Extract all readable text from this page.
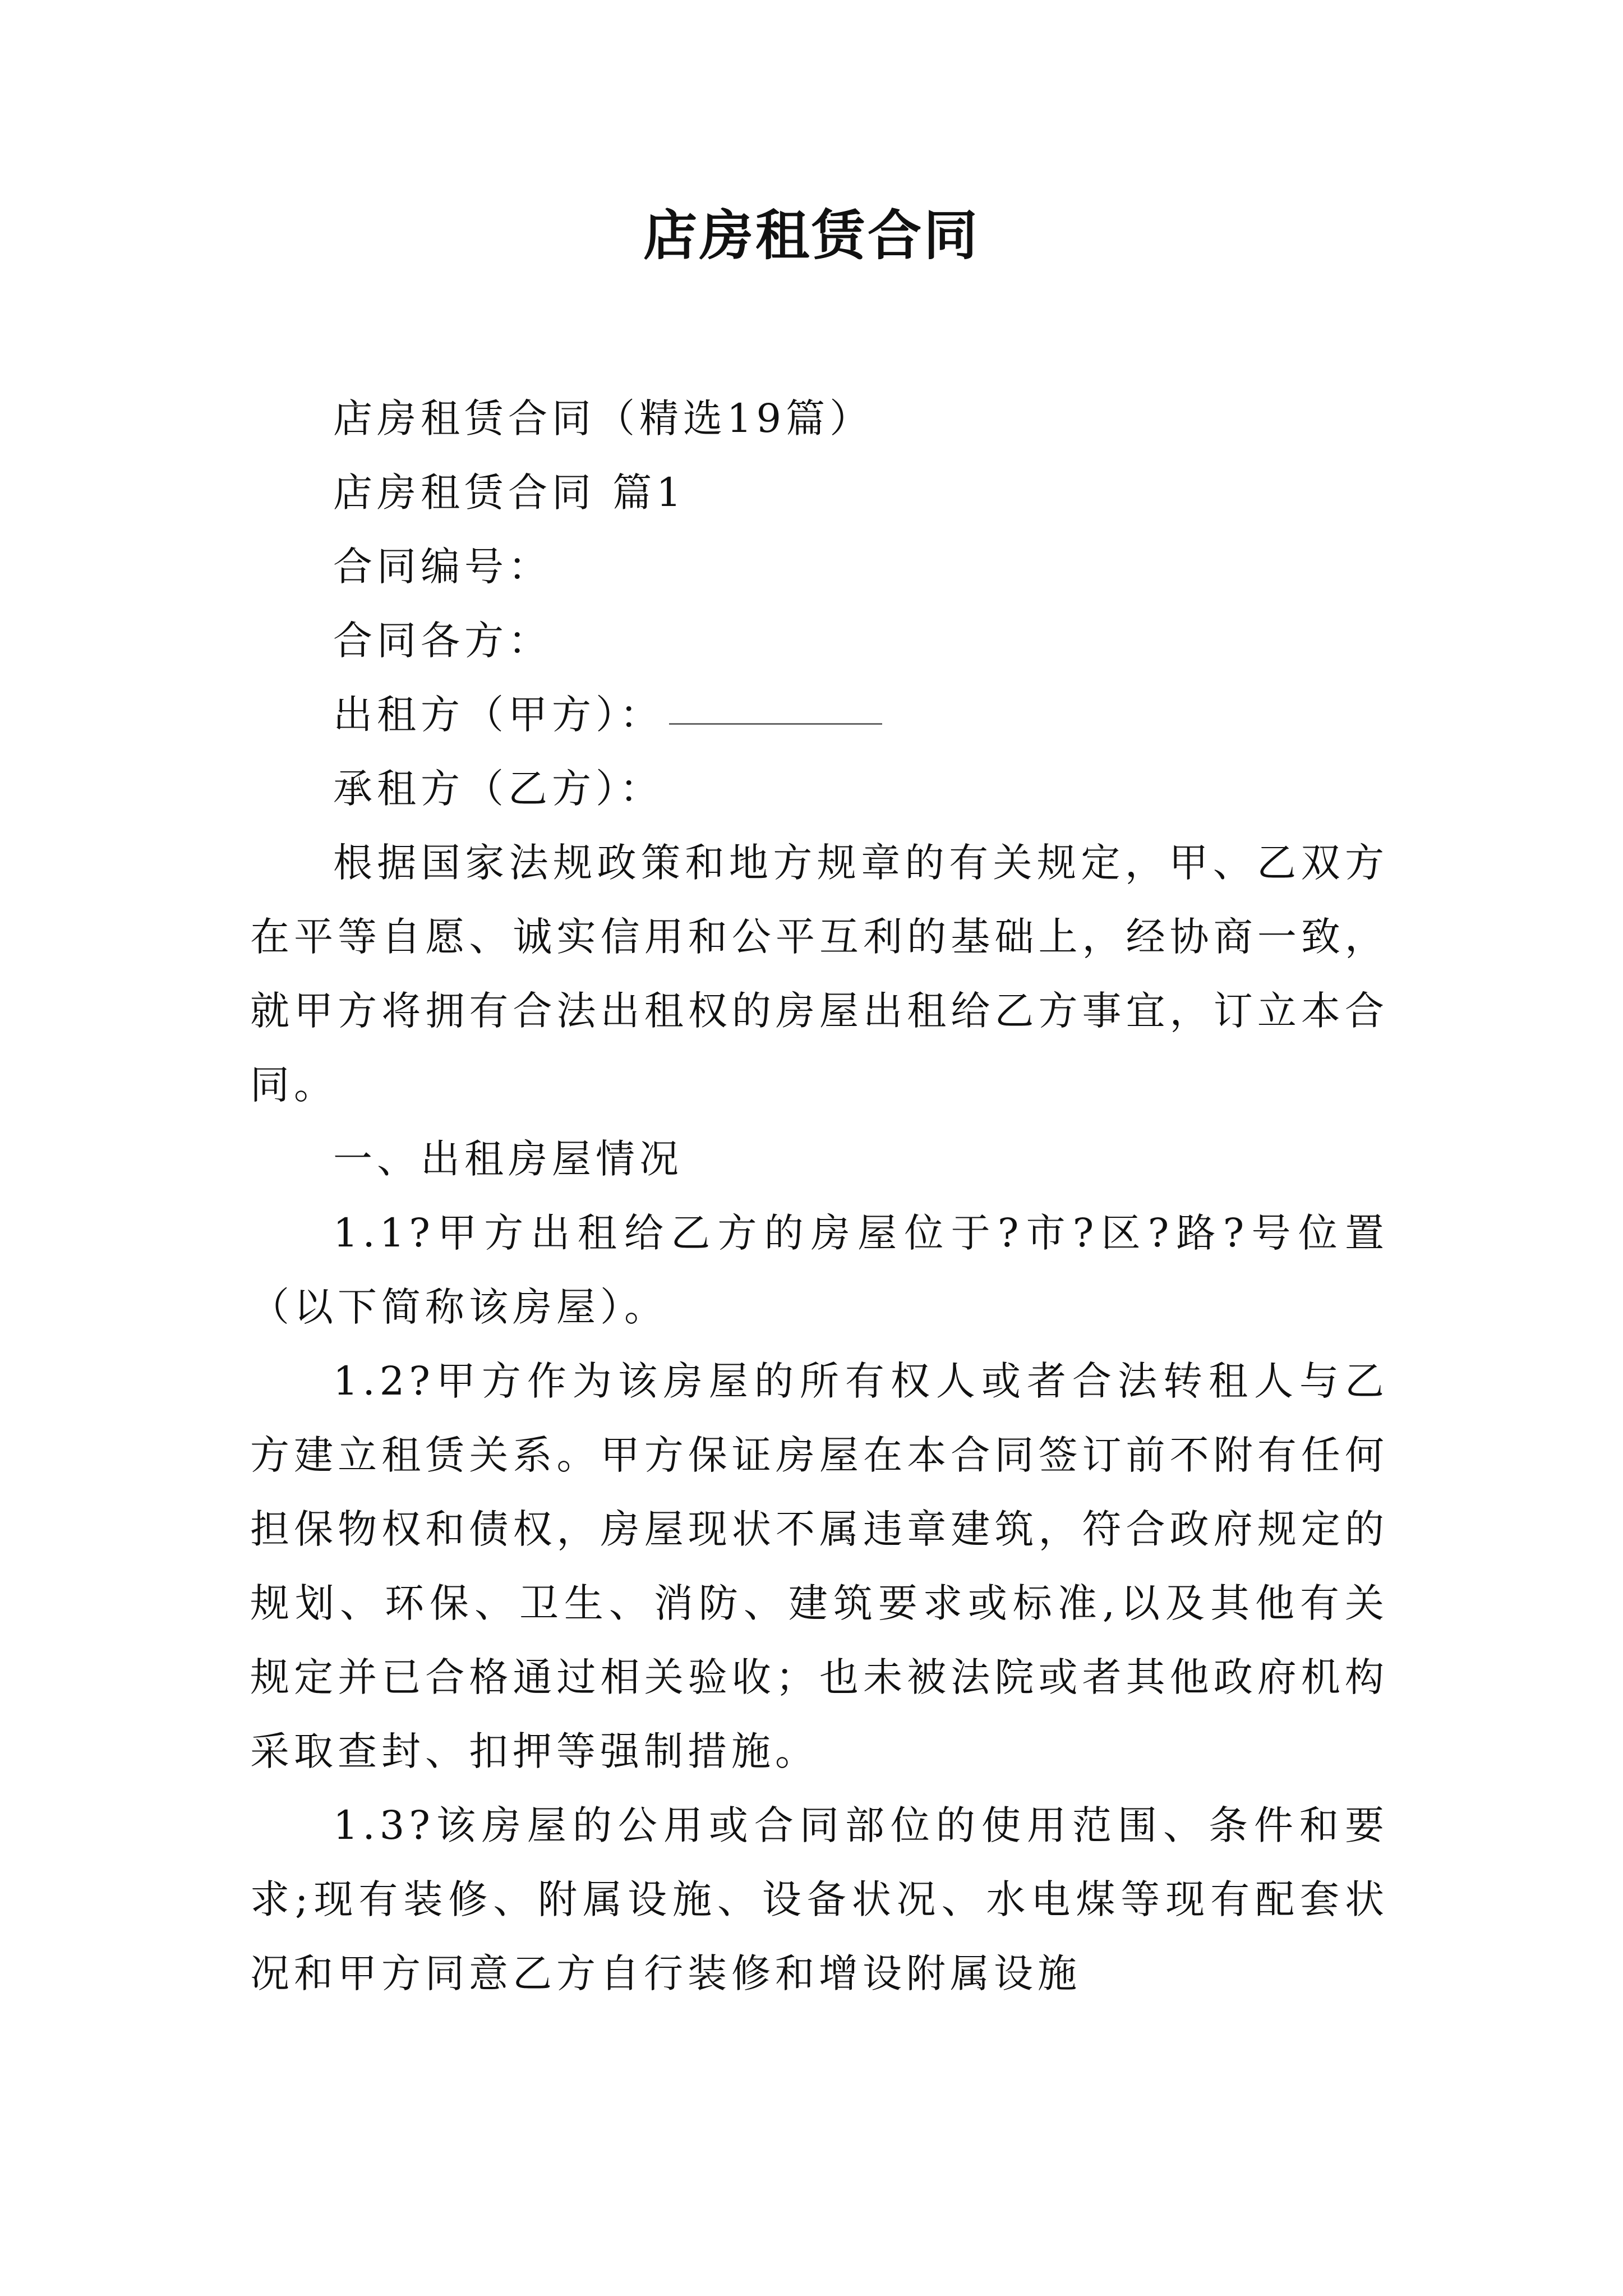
店房租赁合同

店房租赁合同（精选19篇）

店房租赁合同 篇1

合同编号：

合同各方：

出租方（甲方）：

承租方（乙方）：

根据国家法规政策和地方规章的有关规定，甲、乙双方在平等自愿、诚实信用和公平互利的基础上，经协商一致，就甲方将拥有合法出租权的房屋出租给乙方事宜，订立本合同。

一、出租房屋情况

1.1?甲方出租给乙方的房屋位于?市?区?路?号位置（以下简称该房屋）。

1.2?甲方作为该房屋的所有权人或者合法转租人与乙方建立租赁关系。甲方保证房屋在本合同签订前不附有任何担保物权和债权，房屋现状不属违章建筑，符合政府规定的规划、环保、卫生、消防、建筑要求或标准,以及其他有关规定并已合格通过相关验收；也未被法院或者其他政府机构采取查封、扣押等强制措施。

1.3?该房屋的公用或合同部位的使用范围、条件和要求;现有装修、附属设施、设备状况、水电煤等现有配套状况和甲方同意乙方自行装修和增设附属设施
